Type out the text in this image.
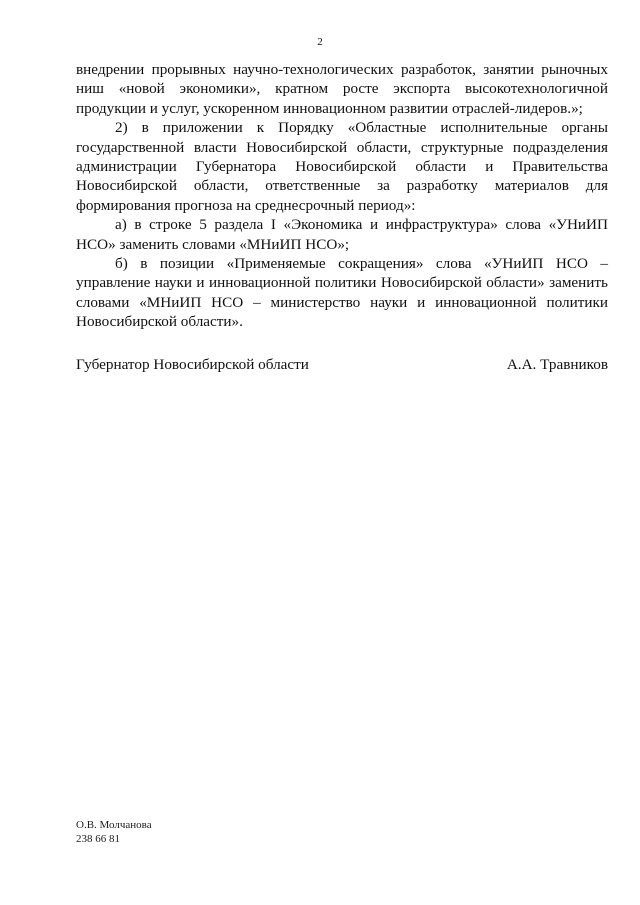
2

внедрении прорывных научно-технологических разработок, занятии рыночных ниш «новой экономики», кратном росте экспорта высокотехнологичной продукции и услуг, ускоренном инновационном развитии отраслей-лидеров.»;

2) в приложении к Порядку «Областные исполнительные органы государственной власти Новосибирской области, структурные подразделения администрации Губернатора Новосибирской области и Правительства Новосибирской области, ответственные за разработку материалов для формирования прогноза на среднесрочный период»:

а) в строке 5 раздела I «Экономика и инфраструктура» слова «УНиИП НСО» заменить словами «МНиИП НСО»;

б) в позиции «Применяемые сокращения» слова «УНиИП НСО – управление науки и инновационной политики Новосибирской области» заменить словами «МНиИП НСО – министерство науки и инновационной политики Новосибирской области».

Губернатор Новосибирской области	А.А. Травников
О.В. Молчанова
238 66 81
